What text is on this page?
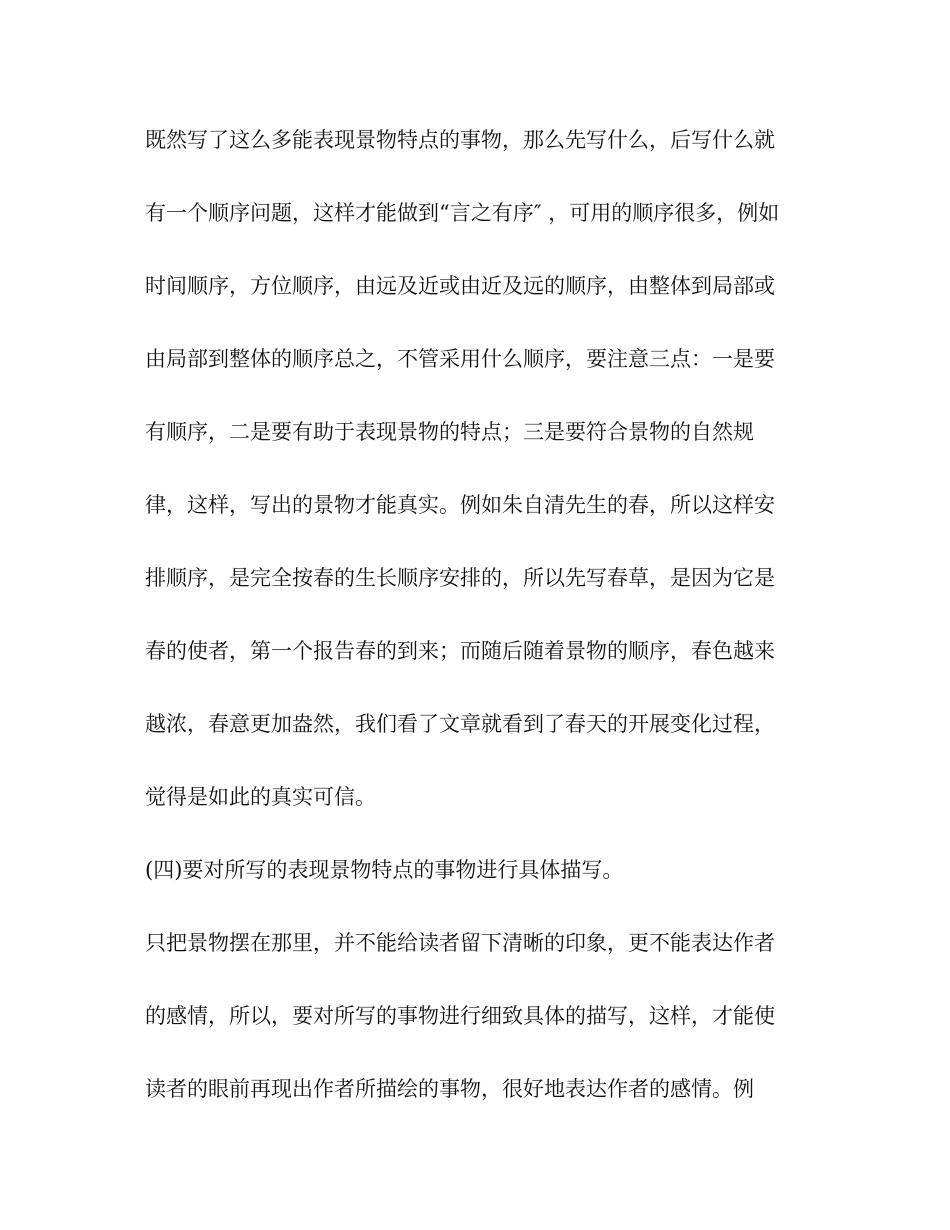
既然写了这么多能表现景物特点的事物，那么先写什么，后写什么就
有一个顺序问题，这样才能做到“言之有序″ ，可用的顺序很多，例如
时间顺序，方位顺序，由远及近或由近及远的顺序，由整体到局部或
由局部到整体的顺序总之，不管采用什么顺序，要注意三点：一是要
有顺序，二是要有助于表现景物的特点；三是要符合景物的自然规
律，这样，写出的景物才能真实。例如朱自清先生的春，所以这样安
排顺序，是完全按春的生长顺序安排的，所以先写春草，是因为它是
春的使者，第一个报告春的到来；而随后随着景物的顺序，春色越来
越浓，春意更加盎然，我们看了文章就看到了春天的开展变化过程，
觉得是如此的真实可信。
(四)要对所写的表现景物特点的事物进行具体描写。
只把景物摆在那里，并不能给读者留下清晰的印象，更不能表达作者
的感情，所以，要对所写的事物进行细致具体的描写，这样，才能使
读者的眼前再现出作者所描绘的事物，很好地表达作者的感情。例
